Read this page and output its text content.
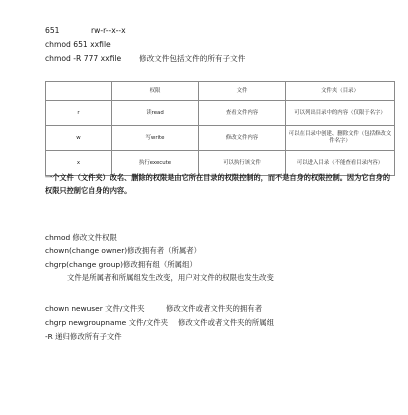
651	rw-r--x--x
chmod 651 xxfile
chmod -R 777 xxfile 修改文件包括文件的所有子文件
	权限	文件	文件夹（目录）
r	读read	查看文件内容	可以列出目录中的内容（仅限于名字）
w	写write	修改文件内容	可以在目录中创建、删除文件（包括修改文件名字）
x	执行execute	可以执行该文件	可以进入目录（不能查看目录内容）
一个文件（文件夹）改名、删除的权限是由它所在目录的权限控制的，而不是自身的权限控制。因为它自身的权限只控制它自身的内容。
chmod 修改文件权限
chown(change owner)修改拥有者（所属者）
chgrp(change group)修改拥有组（所属组）
文件是所属者和所属组发生改变，用户对文件的权限也发生改变
chown newuser 文件/文件夹	修改文件或者文件夹的拥有者
chgrp newgroupname 文件/文件夹 修改文件或者文件夹的所属组
-R 递归修改所有子文件
